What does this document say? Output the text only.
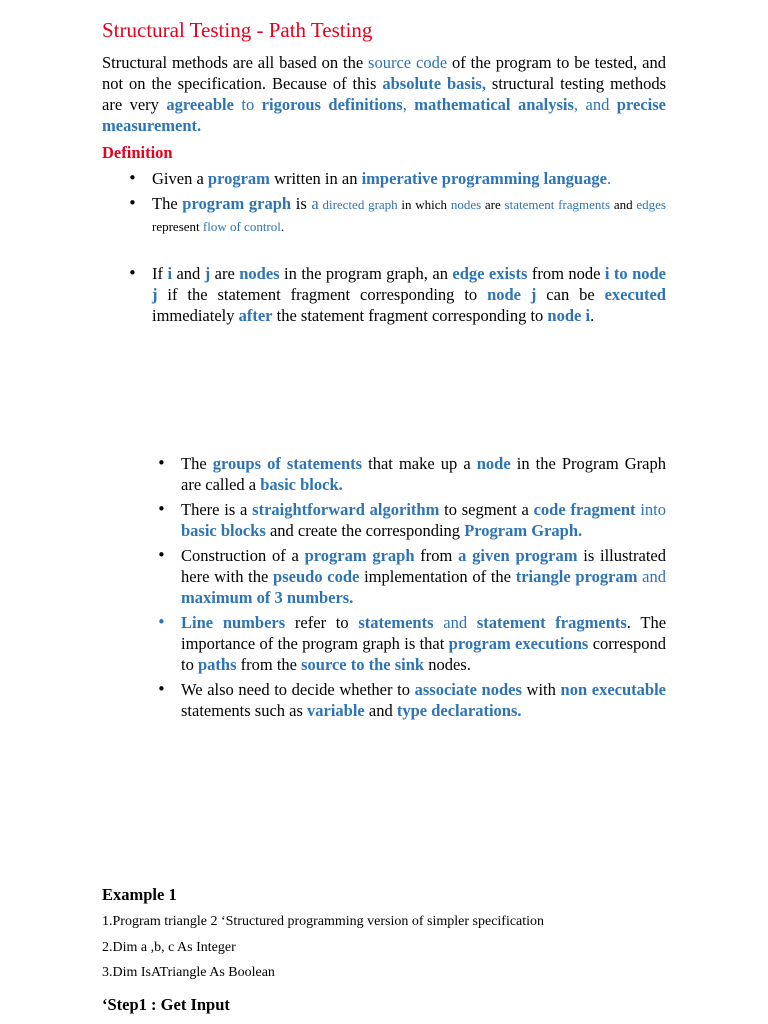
Structural Testing - Path Testing

Structural methods are all based on the source code of the program to be tested, and not on the specification. Because of this absolute basis, structural testing methods are very agreeable to rigorous definitions, mathematical analysis, and precise measurement.

Definition
• Given a program written in an imperative programming language.
• The program graph is a directed graph in which nodes are statement fragments and edges represent flow of control.
• If i and j are nodes in the program graph, an edge exists from node i to node j if the statement fragment corresponding to node j can be executed immediately after the statement fragment corresponding to node i.
• The groups of statements that make up a node in the Program Graph are called a basic block.
• There is a straightforward algorithm to segment a code fragment into basic blocks and create the corresponding Program Graph.
• Construction of a program graph from a given program is illustrated here with the pseudo code implementation of the triangle program and maximum of 3 numbers.
• Line numbers refer to statements and statement fragments. The importance of the program graph is that program executions correspond to paths from the source to the sink nodes.
• We also need to decide whether to associate nodes with non executable statements such as variable and type declarations.
Example 1
1.Program triangle 2 ‘Structured programming version of simpler specification
2.Dim a ,b, c As Integer
3.Dim IsATriangle As Boolean
‘Step1 : Get Input
